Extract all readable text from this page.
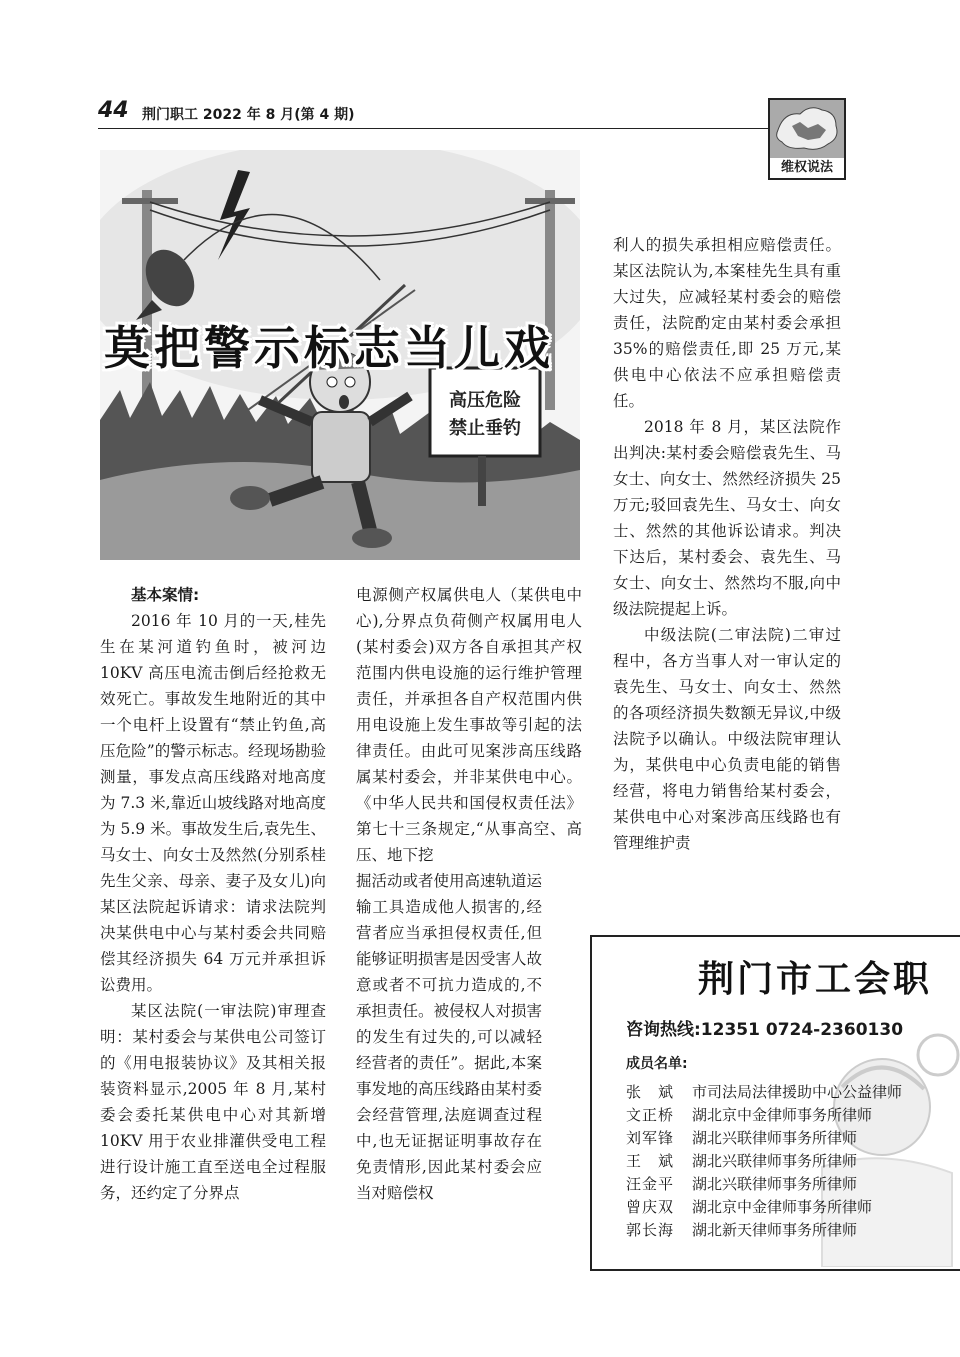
44 荆门职工 2022 年 8 月(第 4 期)
维权说法
高压危险
禁止垂钓
莫把警示标志当儿戏

基本案情:

2016 年 10 月的一天,桂先生在某河道钓鱼时，被河边 10KV 高压电流击倒后经抢救无效死亡。事故发生地附近的其中一个电杆上设置有“禁止钓鱼,高压危险”的警示标志。经现场勘验测量，事发点高压线路对地高度为 7.3 米,靠近山坡线路对地高度为 5.9 米。事故发生后,袁先生、马女士、向女士及然然(分别系桂先生父亲、母亲、妻子及女儿)向某区法院起诉请求：请求法院判决某供电中心与某村委会共同赔偿其经济损失 64 万元并承担诉讼费用。

某区法院(一审法院)审理查明：某村委会与某供电公司签订的《用电报装协议》及其相关报装资料显示,2005 年 8 月,某村委会委托某供电中心对其新增 10KV 用于农业排灌供受电工程进行设计施工直至送电全过程服务，还约定了分界点

电源侧产权属供电人（某供电中心),分界点负荷侧产权属用电人(某村委会)双方各自承担其产权范围内供电设施的运行维护管理责任，并承担各自产权范围内供用电设施上发生事故等引起的法律责任。由此可见案涉高压线路属某村委会，并非某供电中心。《中华人民共和国侵权责任法》第七十三条规定,“从事高空、高压、地下挖

掘活动或者使用高速轨道运输工具造成他人损害的,经营者应当承担侵权责任,但能够证明损害是因受害人故意或者不可抗力造成的,不承担责任。被侵权人对损害的发生有过失的,可以减轻经营者的责任”。据此,本案事发地的高压线路由某村委会经营管理,法庭调查过程中,也无证据证明事故存在免责情形,因此某村委会应当对赔偿权

利人的损失承担相应赔偿责任。某区法院认为,本案桂先生具有重大过失，应减轻某村委会的赔偿责任，法院酌定由某村委会承担 35%的赔偿责任,即 25 万元,某供电中心依法不应承担赔偿责任。

2018 年 8 月，某区法院作出判决:某村委会赔偿袁先生、马女士、向女士、然然经济损失 25 万元;驳回袁先生、马女士、向女士、然然的其他诉讼请求。判决下达后，某村委会、袁先生、马女士、向女士、然然均不服,向中级法院提起上诉。

中级法院(二审法院)二审过程中，各方当事人对一审认定的袁先生、马女士、向女士、然然的各项经济损失数额无异议,中级法院予以确认。中级法院审理认为，某供电中心负责电能的销售经营，将电力销售给某村委会，某供电中心对案涉高压线路也有管理维护责

荆门市工会职
咨询热线:12351 0724-2360130
成员名单:
张　斌 市司法局法律援助中心公益律师
文正桥 湖北京中金律师事务所律师
刘军锋 湖北兴联律师事务所律师
王　斌 湖北兴联律师事务所律师
汪金平 湖北兴联律师事务所律师
曾庆双 湖北京中金律师事务所律师
郭长海 湖北新天律师事务所律师
